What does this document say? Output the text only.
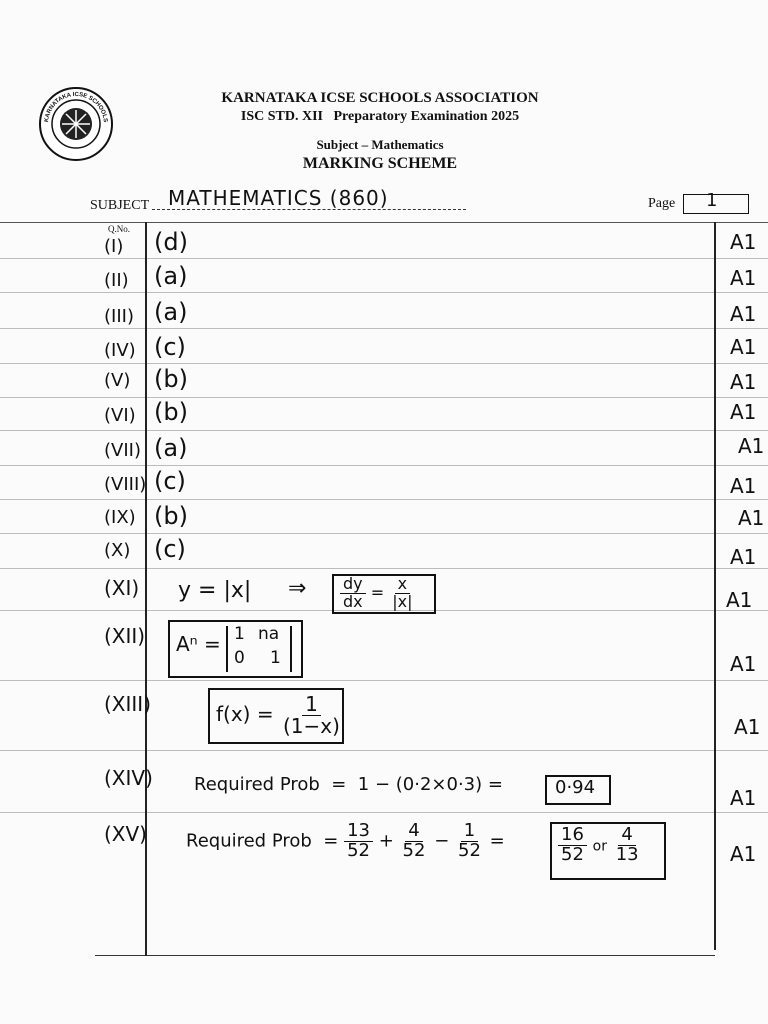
KARNATAKA ICSE SCHOOLS
KARNATAKA ICSE SCHOOLS ASSOCIATION
ISC STD. XII   Preparatory Examination 2025
Subject – Mathematics
MARKING SCHEME
SUBJECT MATHEMATICS (860)	Page 1
Q.No.
(I) (d)	A1
(II) (a)	A1
(III) (a)	A1
(IV) (c)	A1
(V) (b)	A1
(VI) (b)	A1
(VII) (a)	A1
(VIII) (c)	A1
(IX) (b)	A1
(X) (c)	A1
(XI) y = |x| ⇒ $\frac{dy}{dx} = \frac{x}{|x|}$	A1
(XII) Aⁿ = 1 na
0 1	A1
(XIII)	$f(x) = \frac{1}{(1-x)}$	A1
(XIV) Required Prob  =  1 − (0·2×0·3) =	0·94	A1
(XV) Required Prob  = $\frac{13}{52} + \frac{4}{52} - \frac{1}{52}$ =	$\frac{16}{52}$ or $\frac{4}{13}$	A1
